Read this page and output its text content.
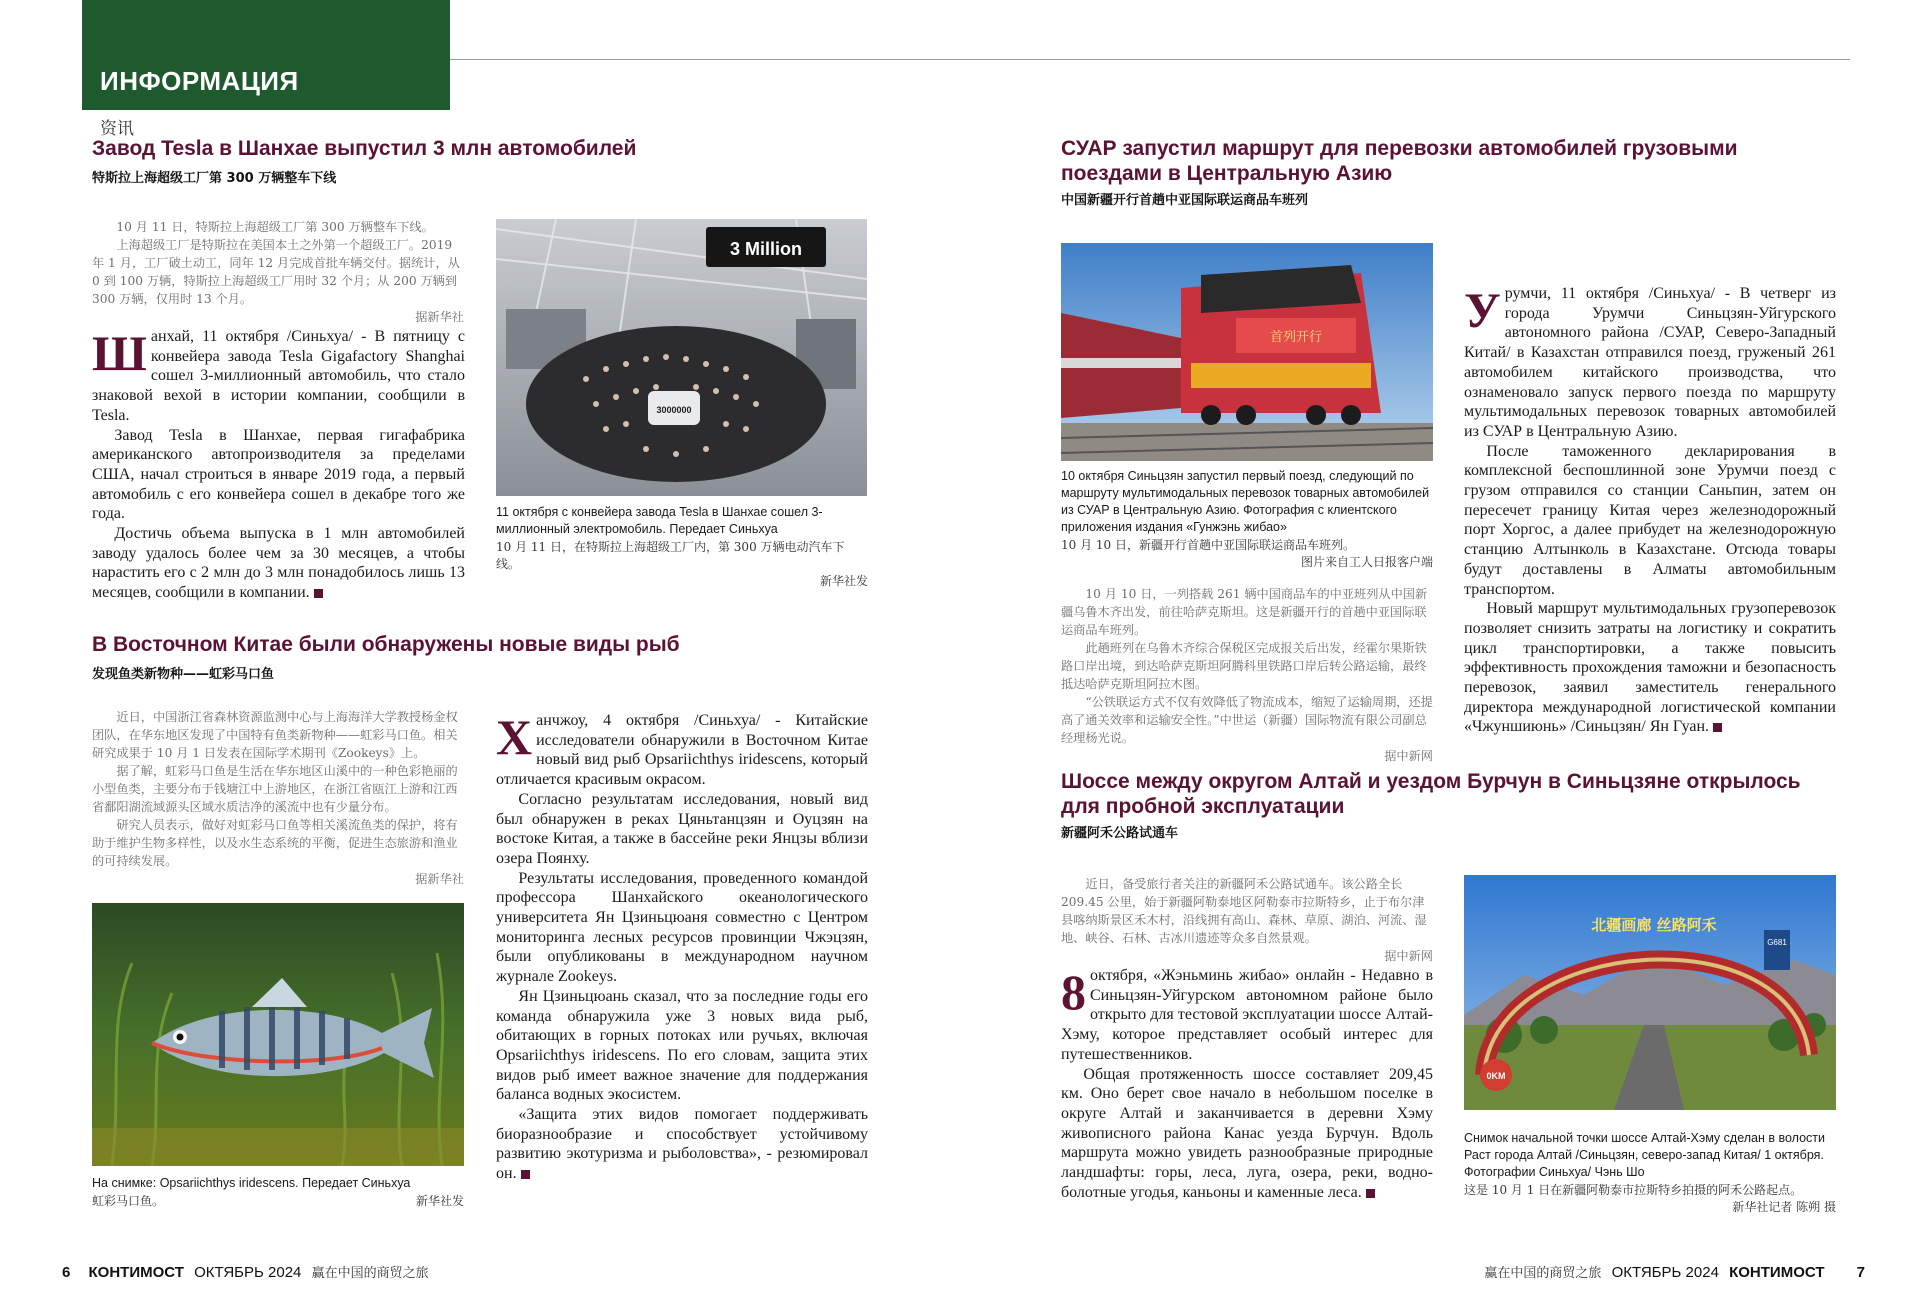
ИНФОРМАЦИЯ
资讯
Завод Tesla в Шанхае выпустил 3 млн автомобилей
特斯拉上海超级工厂第 300 万辆整车下线

10 月 11 日，特斯拉上海超级工厂第 300 万辆整车下线。

上海超级工厂是特斯拉在美国本土之外第一个超级工厂。2019 年 1 月，工厂破土动工，同年 12 月完成首批车辆交付。据统计，从 0 到 100 万辆，特斯拉上海超级工厂用时 32 个月；从 200 万辆到 300 万辆，仅用时 13 个月。

据新华社

Шанхай, 11 октября /Синьхуа/ - В пятницу с конвейера завода Tesla Gigafactory Shanghai сошел 3-миллионный автомобиль, что стало знаковой вехой в истории компании, сообщили в Tesla.

Завод Tesla в Шанхае, первая гигафабрика американского автопроизводителя за пределами США, начал строиться в январе 2019 года, а первый автомобиль с его конвейера сошел в декабре того же года.

Достичь объема выпуска в 1 млн автомобилей заводу удалось более чем за 30 месяцев, а чтобы нарастить его с 2 млн до 3 млн понадобилось лишь 13 месяцев, сообщили в компании.

3 Million
3000000
11 октября с конвейера завода Tesla в Шанхае сошел 3-миллионный электромобиль. Передает Синьхуа
10 月 11 日，在特斯拉上海超级工厂内，第 300 万辆电动汽车下线。
新华社发
В Восточном Китае были обнаружены новые виды рыб
发现鱼类新物种——虹彩马口鱼

近日，中国浙江省森林资源监测中心与上海海洋大学教授杨金权团队，在华东地区发现了中国特有鱼类新物种——虹彩马口鱼。相关研究成果于 10 月 1 日发表在国际学术期刊《Zookeys》上。

据了解，虹彩马口鱼是生活在华东地区山溪中的一种色彩艳丽的小型鱼类，主要分布于钱塘江中上游地区，在浙江省瓯江上游和江西省鄱阳湖流域源头区域水质洁净的溪流中也有少量分布。

研究人员表示，做好对虹彩马口鱼等相关溪流鱼类的保护，将有助于维护生物多样性，以及水生态系统的平衡，促进生态旅游和渔业的可持续发展。

据新华社

На снимке: Opsariichthys iridescens. Передает Синьхуа
虹彩马口鱼。	新华社发

Ханчжоу, 4 октября /Синьхуа/ - Китайские исследователи обнаружили в Восточном Китае новый вид рыб Opsariichthys iridescens, который отличается красивым окрасом.

Согласно результатам исследования, новый вид был обнаружен в реках Цяньтанцзян и Оуцзян на востоке Китая, а также в бассейне реки Янцзы вблизи озера Поянху.

Результаты исследования, проведенного командой профессора Шанхайского океанологического университета Ян Цзиньцюаня совместно с Центром мониторинга лесных ресурсов провинции Чжэцзян, были опубликованы в международном научном журнале Zookeys.

Ян Цзиньцюань сказал, что за последние годы его команда обнаружила уже 3 новых вида рыб, обитающих в горных потоках или ручьях, включая Opsariichthys iridescens. По его словам, защита этих видов рыб имеет важное значение для поддержания баланса водных экосистем.

«Защита этих видов помогает поддерживать биоразнообразие и способствует устойчивому развитию экотуризма и рыболовства», - резюмировал он.

СУАР запустил маршрут для перевозки автомобилей грузовыми поездами в Центральную Азию
中国新疆开行首趟中亚国际联运商品车班列
首列开行
10 октября Синьцзян запустил первый поезд, следующий по маршруту мультимодальных перевозок товарных автомобилей из СУАР в Центральную Азию. Фотография с клиентского приложения издания «Гунжэнь жибао»
10 月 10 日，新疆开行首趟中亚国际联运商品车班列。
图片来自工人日报客户端

10 月 10 日，一列搭载 261 辆中国商品车的中亚班列从中国新疆乌鲁木齐出发，前往哈萨克斯坦。这是新疆开行的首趟中亚国际联运商品车班列。

此趟班列在乌鲁木齐综合保税区完成报关后出发，经霍尔果斯铁路口岸出境，到达哈萨克斯坦阿腾科里铁路口岸后转公路运输，最终抵达哈萨克斯坦阿拉木图。

“公铁联运方式不仅有效降低了物流成本，缩短了运输周期，还提高了通关效率和运输安全性。”中世运（新疆）国际物流有限公司副总经理杨光说。

据中新网

Урумчи, 11 октября /Синьхуа/ - В четверг из города Урумчи Синьцзян-Уйгурского автономного района /СУАР, Северо-Западный Китай/ в Казахстан отправился поезд, груженый 261 автомобилем китайского производства, что ознаменовало запуск первого поезда по маршруту мультимодальных перевозок товарных автомобилей из СУАР в Центральную Азию.

После таможенного декларирования в комплексной беспошлинной зоне Урумчи поезд с грузом отправился со станции Саньпин, затем он пересечет границу Китая через железнодорожный порт Хоргос, а далее прибудет на железнодорожную станцию Алтынколь в Казахстане. Отсюда товары будут доставлены в Алматы автомобильным транспортом.

Новый маршрут мультимодальных грузоперевозок позволяет снизить затраты на логистику и сократить цикл транспортировки, а также повысить эффективность прохождения таможни и безопасность перевозок, заявил заместитель генерального директора международной логистической компании «Чжуншиюнь» /Синьцзян/ Ян Гуан.

Шоссе между округом Алтай и уездом Бурчун в Синьцзяне открылось для пробной эксплуатации
新疆阿禾公路试通车

近日，备受旅行者关注的新疆阿禾公路试通车。该公路全长 209.45 公里，始于新疆阿勒泰地区阿勒泰市拉斯特乡，止于布尔津县喀纳斯景区禾木村，沿线拥有高山、森林、草原、湖泊、河流、湿地、峡谷、石林、古冰川遗迹等众多自然景观。

据中新网

8 октября, «Жэньминь жибао» онлайн - Недавно в Синьцзян-Уйгурском автономном районе было открыто для тестовой эксплуатации шоссе Алтай-Хэму, которое представляет особый интерес для путешественников.

Общая протяженность шоссе составляет 209,45 км. Оно берет свое начало в небольшом поселке в округе Алтай и заканчивается в деревни Хэму живописного района Канас уезда Бурчун. Вдоль маршрута можно увидеть разнообразные природные ландшафты: горы, леса, луга, озера, реки, водно-болотные угодья, каньоны и каменные леса.

北疆画廊 丝路阿禾
G681
0KM
Снимок начальной точки шоссе Алтай-Хэму сделан в волости Раст города Алтай /Синьцзян, северо-запад Китая/ 1 октября. Фотографии Синьхуа/ Чэнь Шо
这是 10 月 1 日在新疆阿勒泰市拉斯特乡拍摄的阿禾公路起点。
新华社记者 陈朔 摄
6 КОНТИМОСТ ОКТЯБРЬ 2024 赢在中国的商贸之旅	赢在中国的商贸之旅 ОКТЯБРЬ 2024 КОНТИМОСТ 7
